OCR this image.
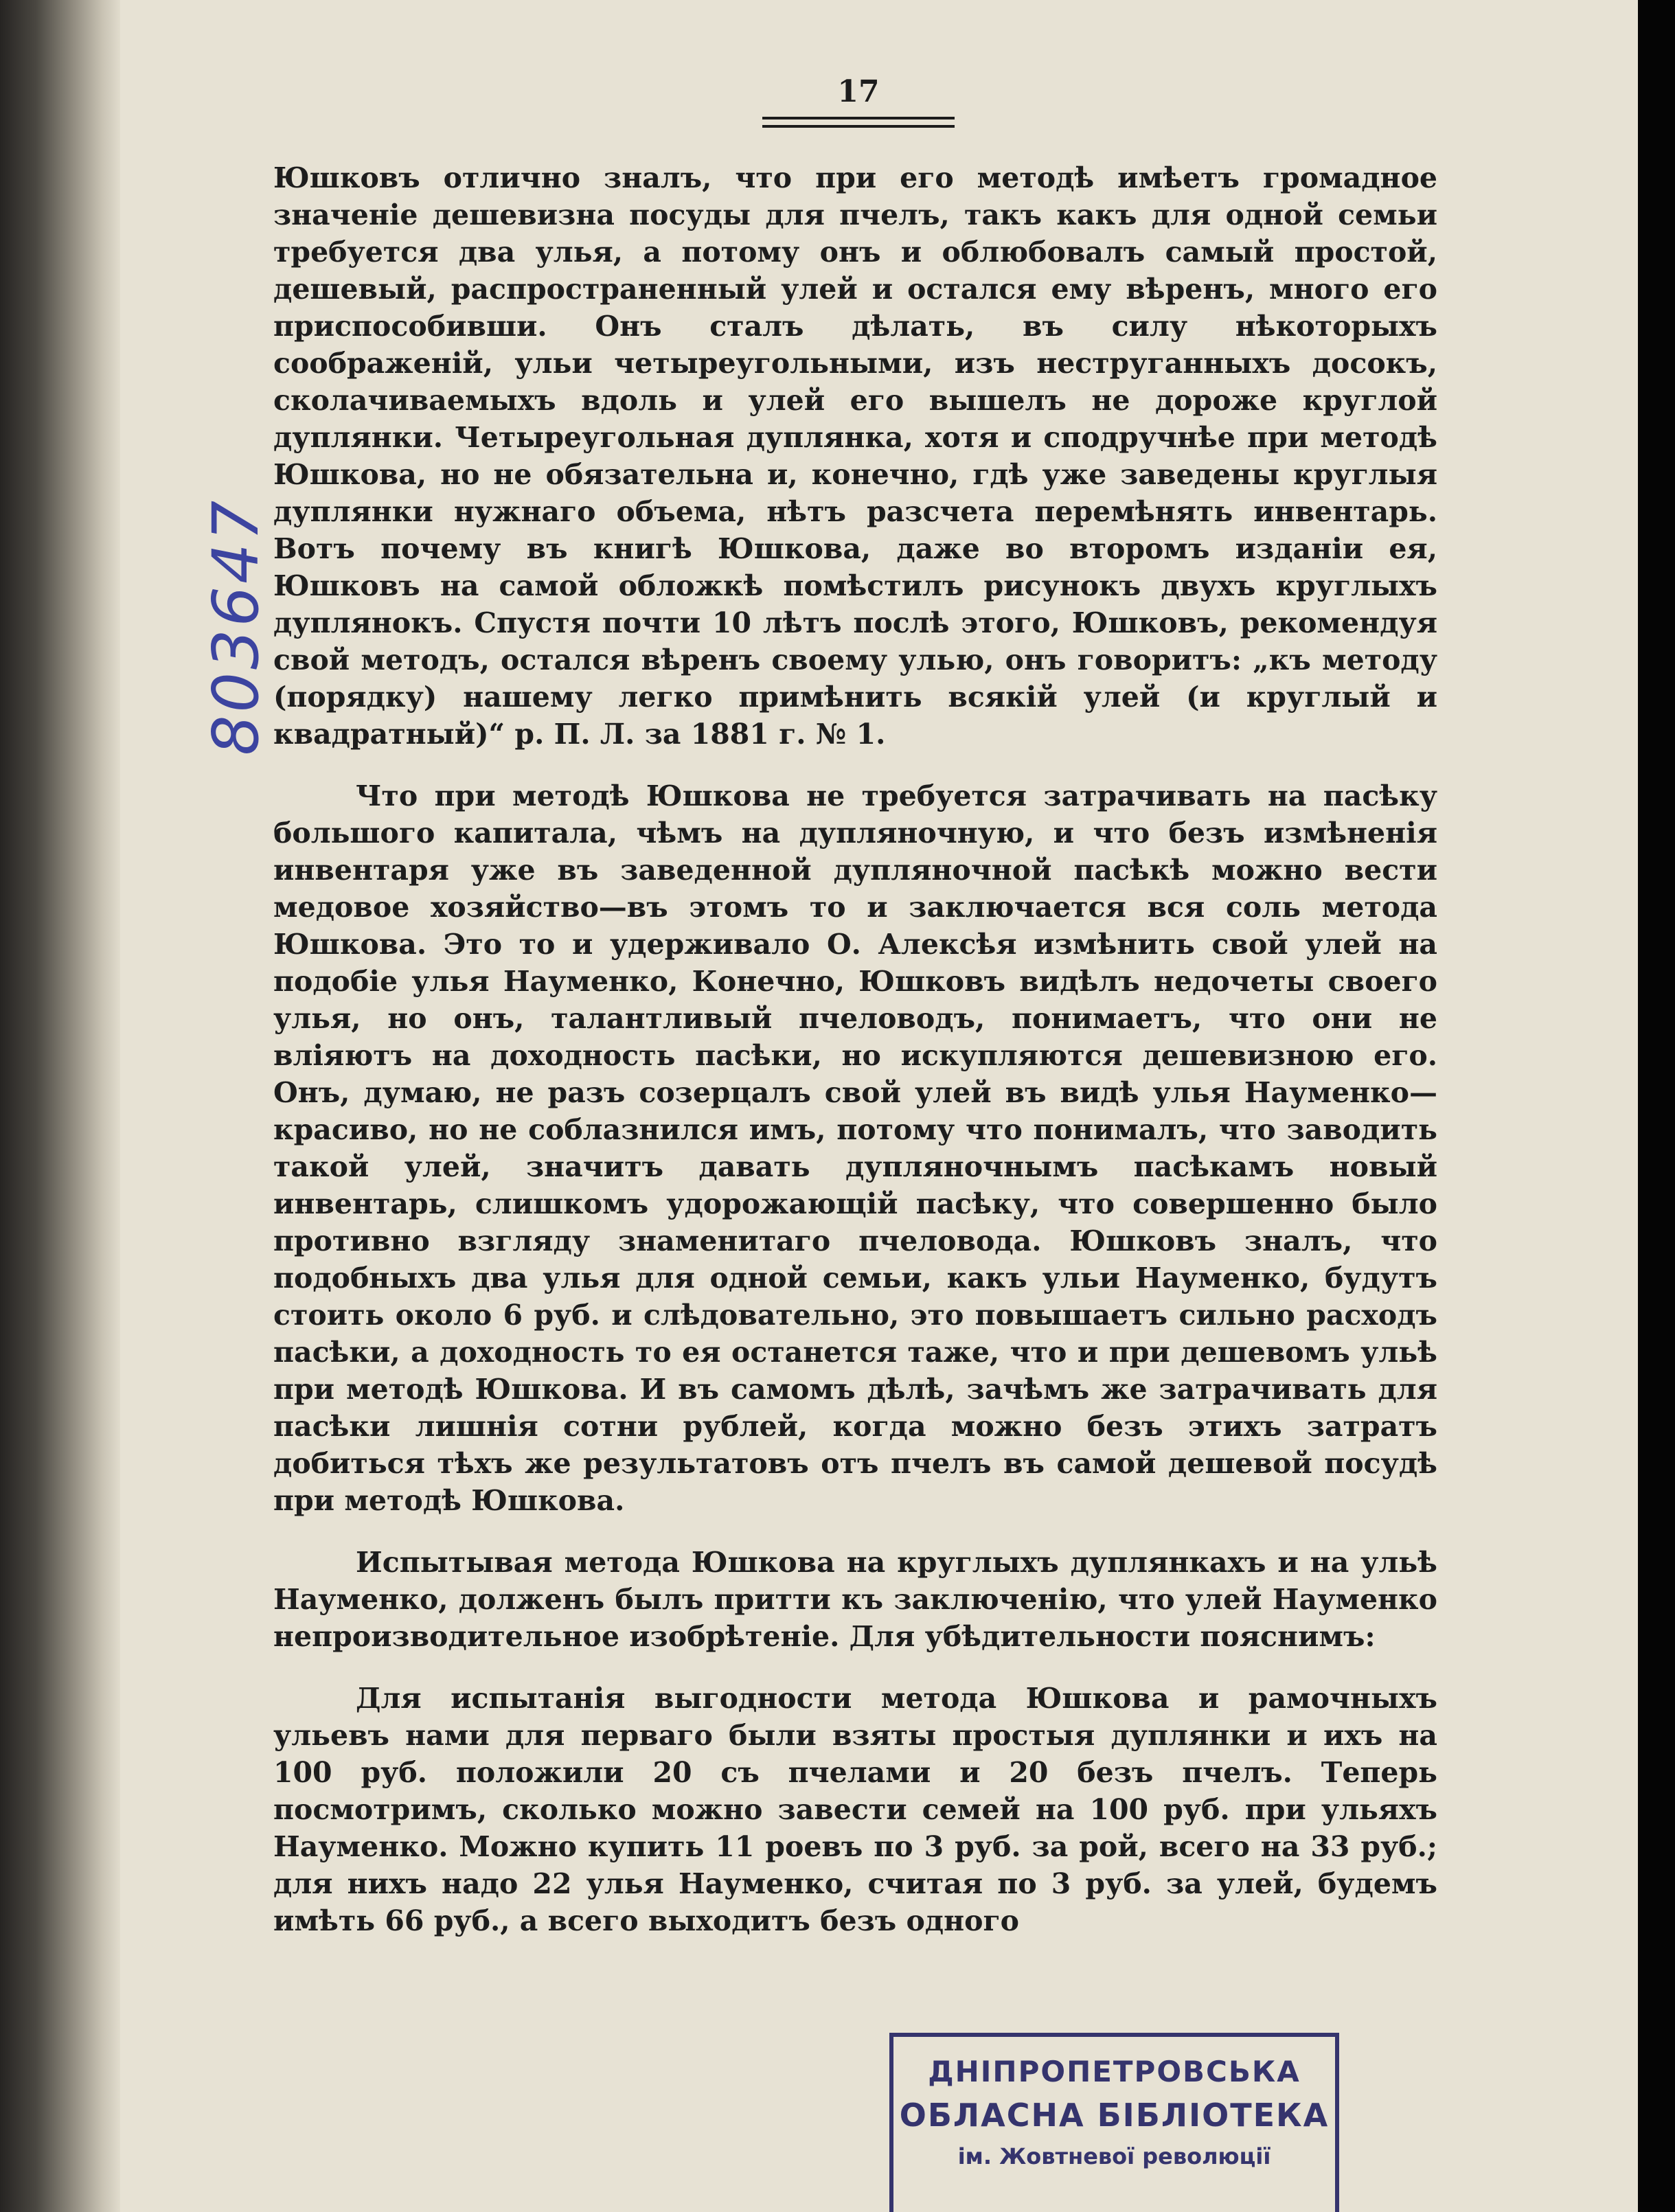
17

Юшковъ отлично зналъ, что при его методѣ имѣетъ громадное значеніе дешевизна посуды для пчелъ, такъ какъ для одной семьи требуется два улья, а потому онъ и облюбовалъ самый простой, дешевый, распространенный улей и остался ему вѣренъ, много его приспособивши. Онъ сталъ дѣлать, въ силу нѣкоторыхъ соображеній, ульи четыреугольными, изъ неструганныхъ досокъ, сколачиваемыхъ вдоль и улей его вышелъ не дороже круглой дуплянки. Четыреугольная дуплянка, хотя и сподручнѣе при методѣ Юшкова, но не обязательна и, конечно, гдѣ уже заведены круглыя дуплянки нужнаго объема, нѣтъ разсчета перемѣнять инвентарь. Вотъ почему въ книгѣ Юшкова, даже во второмъ изданіи ея, Юшковъ на самой обложкѣ помѣстилъ рисунокъ двухъ круглыхъ дуплянокъ. Спустя почти 10 лѣтъ послѣ этого, Юшковъ, рекомендуя свой методъ, остался вѣренъ своему улью, онъ говоритъ: „къ методу (порядку) нашему легко примѣнить всякій улей (и круглый и квадратный)“ р. П. Л. за 1881 г. № 1.

Что при методѣ Юшкова не требуется затрачивать на пасѣку большого капитала, чѣмъ на дупляночную, и что безъ измѣненія инвентаря уже въ заведенной дупляночной пасѣкѣ можно вести медовое хозяйство—въ этомъ то и заключается вся соль метода Юшкова. Это то и удерживало О. Алексѣя измѣнить свой улей на подобіе улья Науменко, Конечно, Юшковъ видѣлъ недочеты своего улья, но онъ, талантливый пчеловодъ, понимаетъ, что они не вліяютъ на доходность пасѣки, но искупляются дешевизною его. Онъ, думаю, не разъ созерцалъ свой улей въ видѣ улья Науменко—красиво, но не соблазнился имъ, потому что понималъ, что заводить такой улей, значитъ давать дупляночнымъ пасѣкамъ новый инвентарь, слишкомъ удорожающій пасѣку, что совершенно было противно взгляду знаменитаго пчеловода. Юшковъ зналъ, что подобныхъ два улья для одной семьи, какъ ульи Науменко, будутъ стоить около 6 руб. и слѣдовательно, это повышаетъ сильно расходъ пасѣки, а доходность то ея останется таже, что и при дешевомъ ульѣ при методѣ Юшкова. И въ самомъ дѣлѣ, зачѣмъ же затрачивать для пасѣки лишнія сотни рублей, когда можно безъ этихъ затратъ добиться тѣхъ же результатовъ отъ пчелъ въ самой дешевой посудѣ при методѣ Юшкова.

Испытывая метода Юшкова на круглыхъ дуплянкахъ и на ульѣ Науменко, долженъ былъ притти къ заключенію, что улей Науменко непроизводительное изобрѣтеніе. Для убѣдительности пояснимъ:

Для испытанія выгодности метода Юшкова и рамочныхъ ульевъ нами для перваго были взяты простыя дуплянки и ихъ на 100 руб. положили 20 съ пчелами и 20 безъ пчелъ. Теперь посмотримъ, сколько можно завести семей на 100 руб. при ульяхъ Науменко. Можно купить 11 роевъ по 3 руб. за рой, всего на 33 руб.; для нихъ надо 22 улья Науменко, считая по 3 руб. за улей, будемъ имѣть 66 руб., а всего выходитъ безъ одного

803647
ДНІПРОПЕТРОВСЬКА
ОБЛАСНА БІБЛІОТЕКА
ім. Жовтневої революції
